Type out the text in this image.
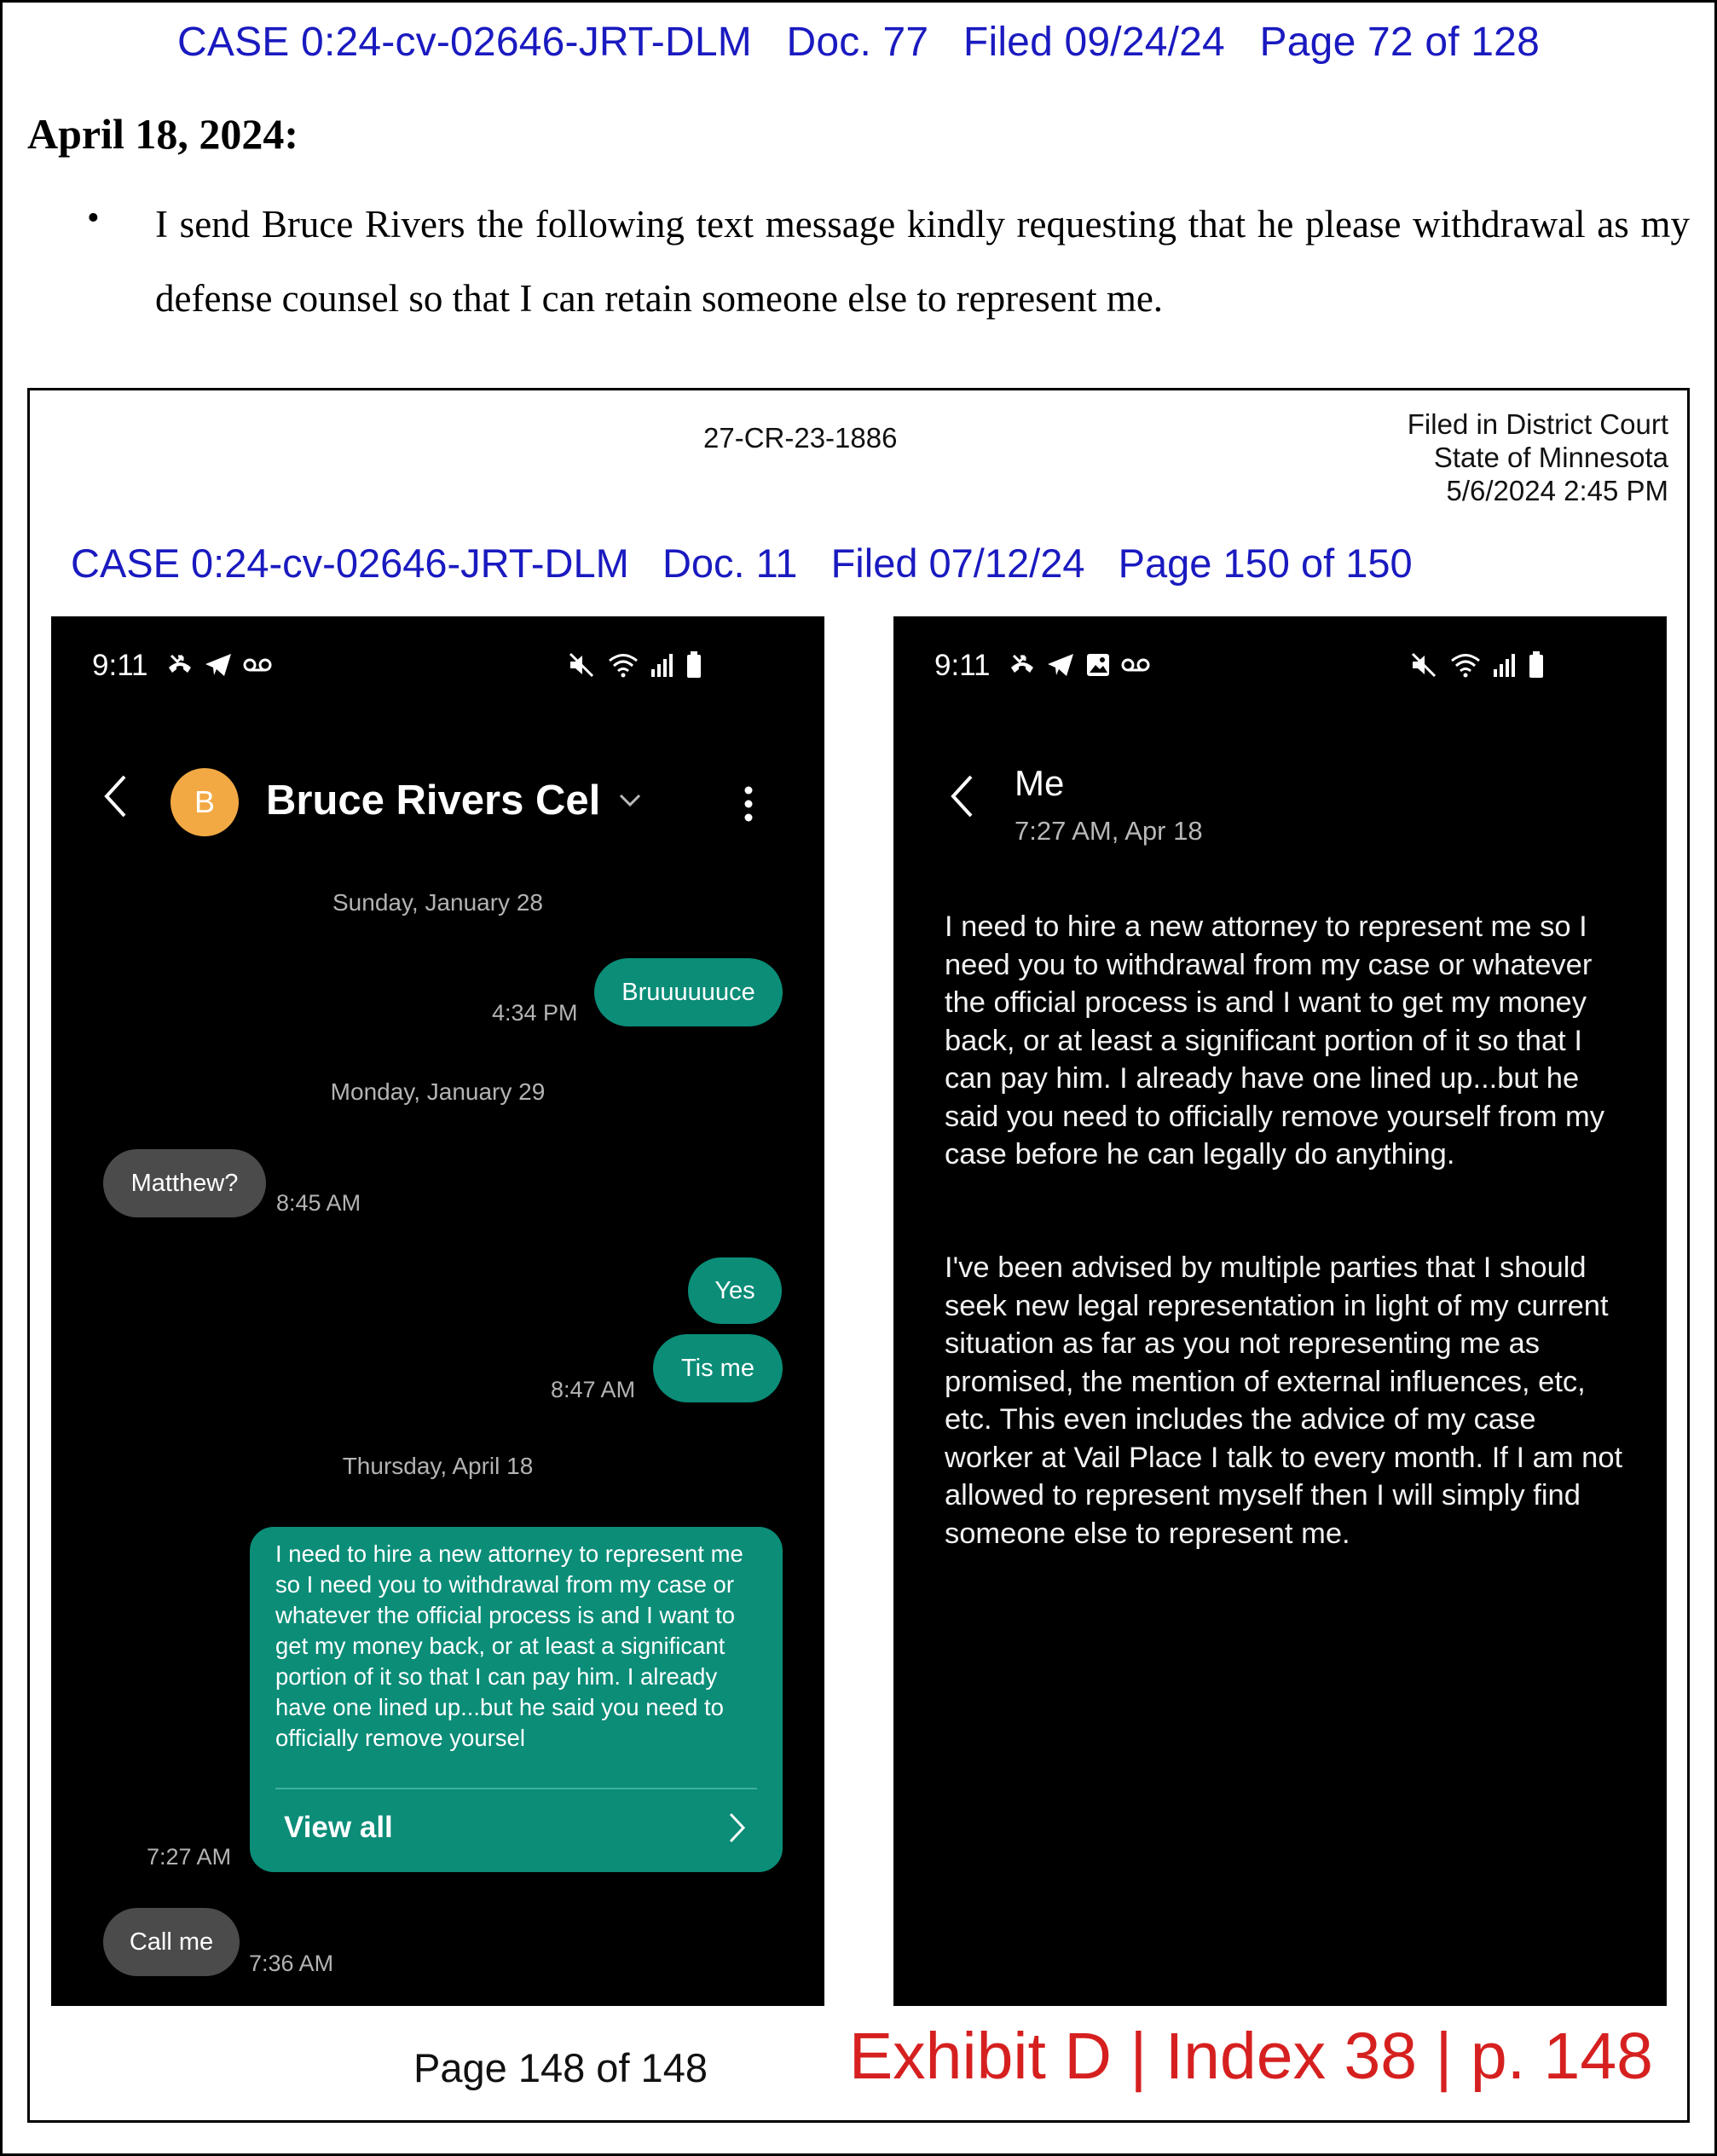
CASE 0:24-cv-02646-JRT-DLM   Doc. 77   Filed 09/24/24   Page 72 of 128
April 18, 2024:
• I send Bruce Rivers the following text message kindly requesting that he please withdrawal as my defense counsel so that I can retain someone else to represent me.
27-CR-23-1886	Filed in District Court
State of Minnesota
5/6/2024 2:45 PM
CASE 0:24-cv-02646-JRT-DLM   Doc. 11   Filed 07/12/24   Page 150 of 150
9:11
B	Bruce Rivers Cel
Sunday, January 28
Bruuuuuuce
4:34 PM
Monday, January 29
Matthew?
8:45 AM
Yes
Tis me
8:47 AM
Thursday, April 18
I need to hire a new attorney to represent me so I need you to withdrawal from my case or whatever the official process is and I want to get my money back, or at least a significant portion of it so that I can pay him. I already have one lined up...but he said you need to officially remove yoursel
View all
7:27 AM
Call me
7:36 AM
9:11
Me
7:27 AM, Apr 18
I need to hire a new attorney to represent me so I need you to withdrawal from my case or whatever the official process is and I want to get my money back, or at least a significant portion of it so that I can pay him. I already have one lined up...but he said you need to officially remove yourself from my case before he can legally do anything.
I've been advised by multiple parties that I should seek new legal representation in light of my current situation as far as you not representing me as promised, the mention of external influences, etc, etc. This even includes the advice of my case worker at Vail Place I talk to every month. If I am not allowed to represent myself then I will simply find someone else to represent me.
Page 148 of 148 Exhibit D | Index 38 | p. 148
